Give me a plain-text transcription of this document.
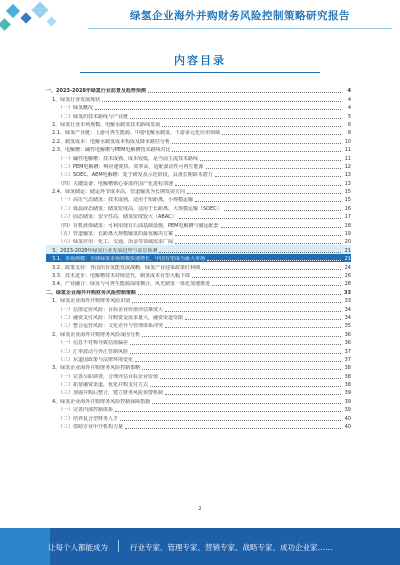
绿氢企业海外并购财务风险控制策略研究报告
内容目录
一、2023-2028年绿氢行业前景及趋势预测	4
1、绿氢行业发展现状	4
（一）绿氢概况	4
（二）绿氢的技术路线与产业链	5
2、绿氢行业市场规模、电解水制氢技术路线发展	6
2.1、绿氢产业链：上游可再生能源、中游电解水制氢、下游多元化应用领域	8
2.2、制氢成本：电解水制氢成本构成及降本路径分析	10
2.3、电解槽：碱性电解槽与PEM电解槽技术路线对比	11
（一）碱性电解槽：技术成熟、成本较低，是当前主流技术路线	11
（二）PEM电解槽：响应速度快、效率高，适配波动性可再生能源	12
（三）SOEC、AEM电解槽：处于研发及示范阶段，具备长期降本潜力	13
（四）关键设备：电解槽核心零部件国产化进程加速	13
2.4、绿氢储运：储运环节成本高，管道输氢为长期发展方向	15
（一）高压气态储氢：技术成熟，适用于短距离、小规模运输	15
（二）低温液态储氢：储氢密度高，适用于长距离、大规模运输（SOEC）	16
（三）固态储氢：安全性高，储氢密度较大（ABAC）	17
（四）有机液体储氢：可利用现有石油基础设施，PEM电解槽与储运配套	18
（五）管道输氢：长距离大规模输氢的最优解决方案	19
（六）绿氢应用：化工、交通、冶金等领域需求广阔	20
3、2023-2028年绿氢行业发展趋势与前景预测	21
3.1、市场规模：全球绿氢市场规模快速增长，中国有望成为最大市场	21
3.2、政策支持：各国出台氢能发展战略，绿氢产业迎来政策红利期	24
3.3、技术进步：电解槽技术持续迭代，制氢成本有望大幅下降	26
3.4、产业融合：绿氢与可再生能源深度耦合，风光制氢一体化加速推进	28
二、绿氢企业海外并购财务风险控制策略	33
1、绿氢企业海外并购财务风险识别	33
（一）估值定价风险：目标企业价值评估难度大	34
（二）融资支付风险：并购资金需求量大，融资渠道受限	34
（三）整合运营风险：文化差异与管理体系冲突	35
2、绿氢企业海外并购财务风险成因分析	36
（一）信息不对称导致估值偏差	36
（二）汇率波动与外汇管制风险	37
（三）东道国政策与法律环境变化	37
3、绿氢企业海外并购财务风险控制策略	38
（一）完善尽职调查，合理评估目标企业价值	38
（二）拓宽融资渠道，优化并购支付方式	38
（三）加强并购后整合，建立财务风险预警机制	39
4、绿氢企业海外并购财务风险控制保障措施	39
（一）完善内部控制体系	39
（二）培养复合型财务人才	40
（三）借助专业中介机构力量	40
2
让每个人都能成为	行业专家、管理专家、营销专家、战略专家、成功企业家……
